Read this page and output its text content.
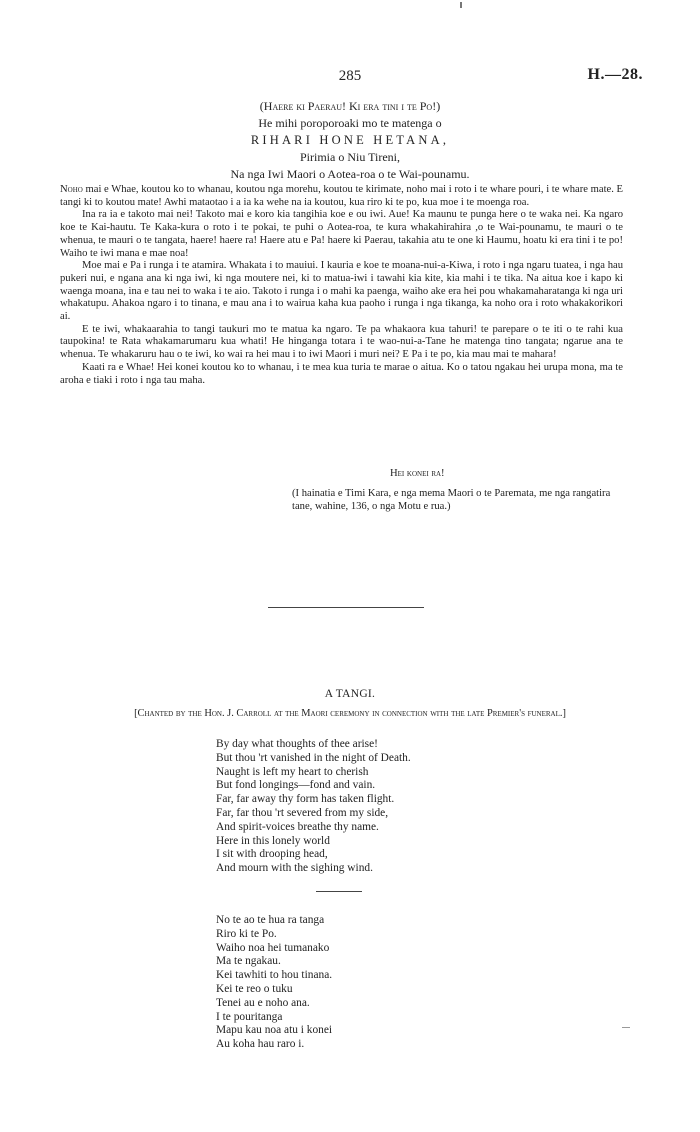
285	H.—28.
(Haere ki Paerau! Ki era tini i te Po!)
He mihi poroporoaki mo te matenga o
RIHARI HONE HETANA,
Pirimia o Niu Tireni,
Na nga Iwi Maori o Aotea-roa o te Wai-pounamu.

Noho mai e Whae, koutou ko to whanau, koutou nga morehu, koutou te kirimate, noho mai i roto i te whare pouri, i te whare mate. E tangi ki to koutou mate! Awhi mataotao i a ia ka wehe na ia koutou, kua riro ki te po, kua moe i te moenga roa.

Ina ra ia e takoto mai nei! Takoto mai e koro kia tangihia koe e ou iwi. Aue! Ka maunu te punga here o te waka nei. Ka ngaro koe te Kai-hautu. Te Kaka-kura o roto i te pokai, te puhi o Aotea-roa, te kura whakahirahira ,o te Wai-pounamu, te mauri o te whenua, te mauri o te tangata, haere! haere ra! Haere atu e Pa! haere ki Paerau, takahia atu te one ki Haumu, hoatu ki era tini i te po! Waiho te iwi mana e mae noa!

Moe mai e Pa i runga i te atamira. Whakata i to mauiui. I kauria e koe te moana-nui-a-Kiwa, i roto i nga ngaru tuatea, i nga hau pukeri nui, e ngana ana ki nga iwi, ki nga moutere nei, ki to matua-iwi i tawahi kia kite, kia mahi i te tika. Na aitua koe i kapo ki waenga moana, ina e tau nei to waka i te aio. Takoto i runga i o mahi ka paenga, waiho ake era hei pou whakamaharatanga ki nga uri whakatupu. Ahakoa ngaro i to tinana, e mau ana i to wairua kaha kua paoho i runga i nga tikanga, ka noho ora i roto whakakorikori ai.

E te iwi, whakaarahia to tangi taukuri mo te matua ka ngaro. Te pa whakaora kua tahuri! te parepare o te iti o te rahi kua taupokina! te Rata whakamarumaru kua whati! He hinganga totara i te wao-nui-a-Tane he matenga tino tangata; ngarue ana te whenua. Te whakaruru hau o te iwi, ko wai ra hei mau i to iwi Maori i muri nei? E Pa i te po, kia mau mai te mahara!

Kaati ra e Whae! Hei konei koutou ko to whanau, i te mea kua turia te marae o aitua. Ko o tatou ngakau hei urupa mona, ma te aroha e tiaki i roto i nga tau maha.

Hei konei ra!
(I hainatia e Timi Kara, e nga mema Maori o te Paremata, me nga rangatira tane, wahine, 136, o nga Motu e rua.)
A TANGI.
[Chanted by the Hon. J. Carroll at the Maori ceremony in connection with the late Premier's funeral.]
By day what thoughts of thee arise!
But thou 'rt vanished in the night of Death.
Naught is left my heart to cherish
But fond longings—fond and vain.
Far, far away thy form has taken flight.
Far, far thou 'rt severed from my side,
And spirit-voices breathe thy name.
Here in this lonely world
I sit with drooping head,
And mourn with the sighing wind.
No te ao te hua ra tanga
Riro ki te Po.
Waiho noa hei tumanako
Ma te ngakau.
Kei tawhiti to hou tinana.
Kei te reo o tuku
Tenei au e noho ana.
I te pouritanga
Mapu kau noa atu i konei
Au koha hau raro i.
